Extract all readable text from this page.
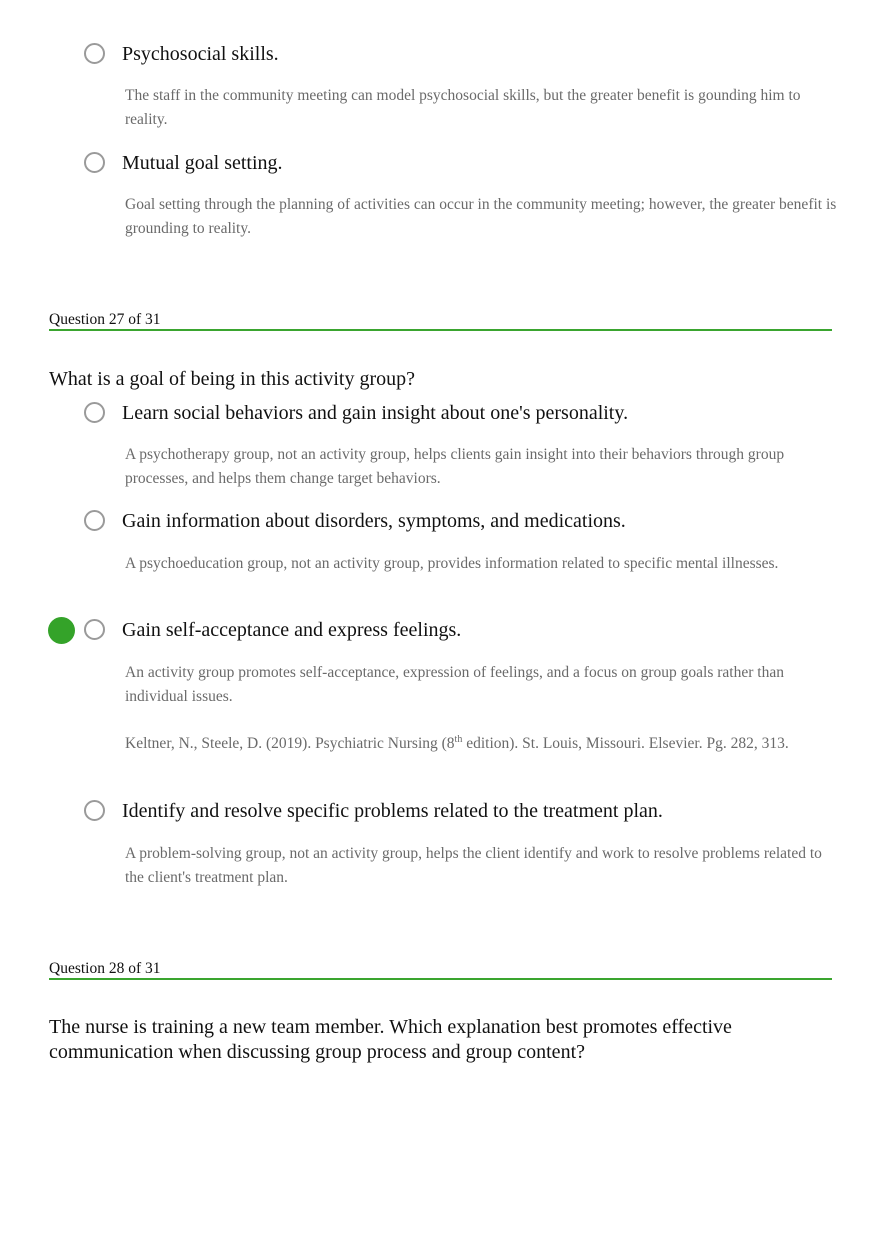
Psychosocial skills.
The staff in the community meeting can model psychosocial skills, but the greater benefit is gounding him to reality.
Mutual goal setting.
Goal setting through the planning of activities can occur in the community meeting; however, the greater benefit is grounding to reality.
Question 27 of 31
What is a goal of being in this activity group?
Learn social behaviors and gain insight about one's personality.
A psychotherapy group, not an activity group, helps clients gain insight into their behaviors through group processes, and helps them change target behaviors.
Gain information about disorders, symptoms, and medications.
A psychoeducation group, not an activity group, provides information related to specific mental illnesses.
Gain self-acceptance and express feelings.
An activity group promotes self-acceptance, expression of feelings, and a focus on group goals rather than individual issues.
Keltner, N., Steele, D. (2019). Psychiatric Nursing (8th edition). St. Louis, Missouri. Elsevier. Pg. 282, 313.
Identify and resolve specific problems related to the treatment plan.
A problem-solving group, not an activity group, helps the client identify and work to resolve problems related to the client's treatment plan.
Question 28 of 31
The nurse is training a new team member. Which explanation best promotes effective communication when discussing group process and group content?
